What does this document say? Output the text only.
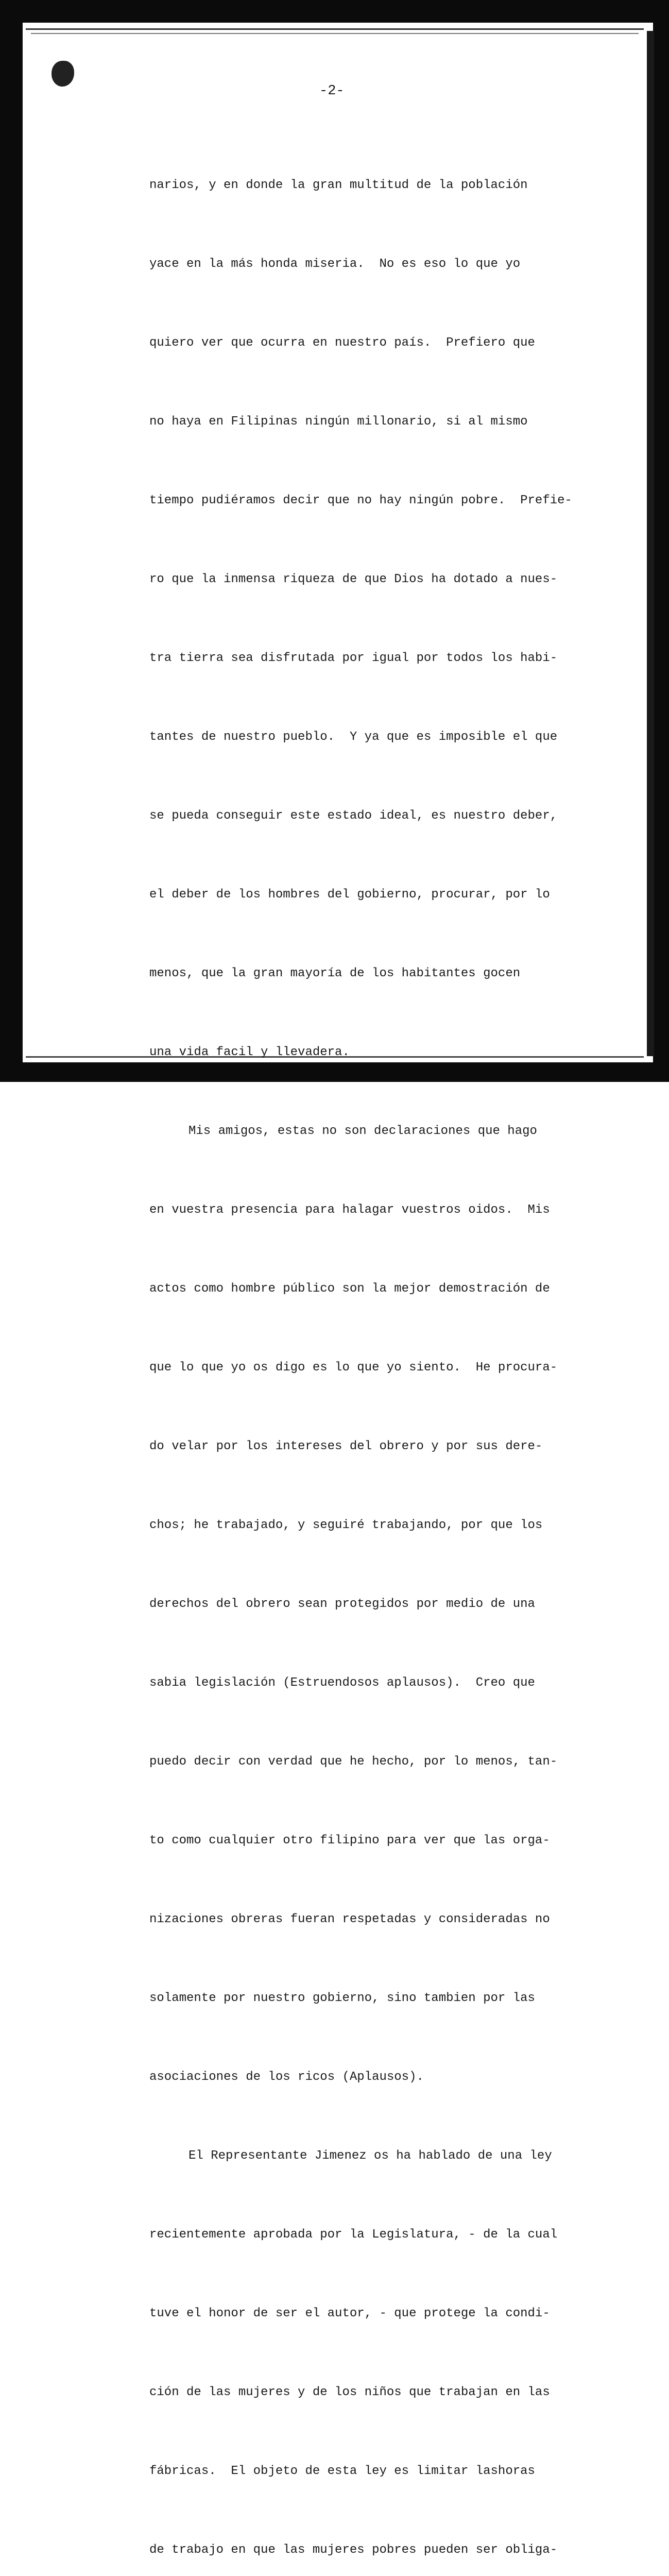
-2-

narios, y en donde la gran multitud de la población

yace en la más honda miseria.  No es eso lo que yo

quiero ver que ocurra en nuestro país.  Prefiero que

no haya en Filipinas ningún millonario, si al mismo

tiempo pudiéramos decir que no hay ningún pobre.  Prefie-

ro que la inmensa riqueza de que Dios ha dotado a nues-

tra tierra sea disfrutada por igual por todos los habi-

tantes de nuestro pueblo.  Y ya que es imposible el que

se pueda conseguir este estado ideal, es nuestro deber,

el deber de los hombres del gobierno, procurar, por lo

menos, que la gran mayoría de los habitantes gocen

una vida facil y llevadera.

Mis amigos, estas no son declaraciones que hago

en vuestra presencia para halagar vuestros oidos.  Mis

actos como hombre público son la mejor demostración de

que lo que yo os digo es lo que yo siento.  He procura-

do velar por los intereses del obrero y por sus dere-

chos; he trabajado, y seguiré trabajando, por que los

derechos del obrero sean protegidos por medio de una

sabia legislación (Estruendosos aplausos).  Creo que

puedo decir con verdad que he hecho, por lo menos, tan-

to como cualquier otro filipino para ver que las orga-

nizaciones obreras fueran respetadas y consideradas no

solamente por nuestro gobierno, sino tambien por las

asociaciones de los ricos (Aplausos).

El Representante Jimenez os ha hablado de una ley

recientemente aprobada por la Legislatura, - de la cual

tuve el honor de ser el autor, - que protege la condi-

ción de las mujeres y de los niños que trabajan en las

fábricas.  El objeto de esta ley es limitar lashoras

de trabajo en que las mujeres pobres pueden ser obliga-
